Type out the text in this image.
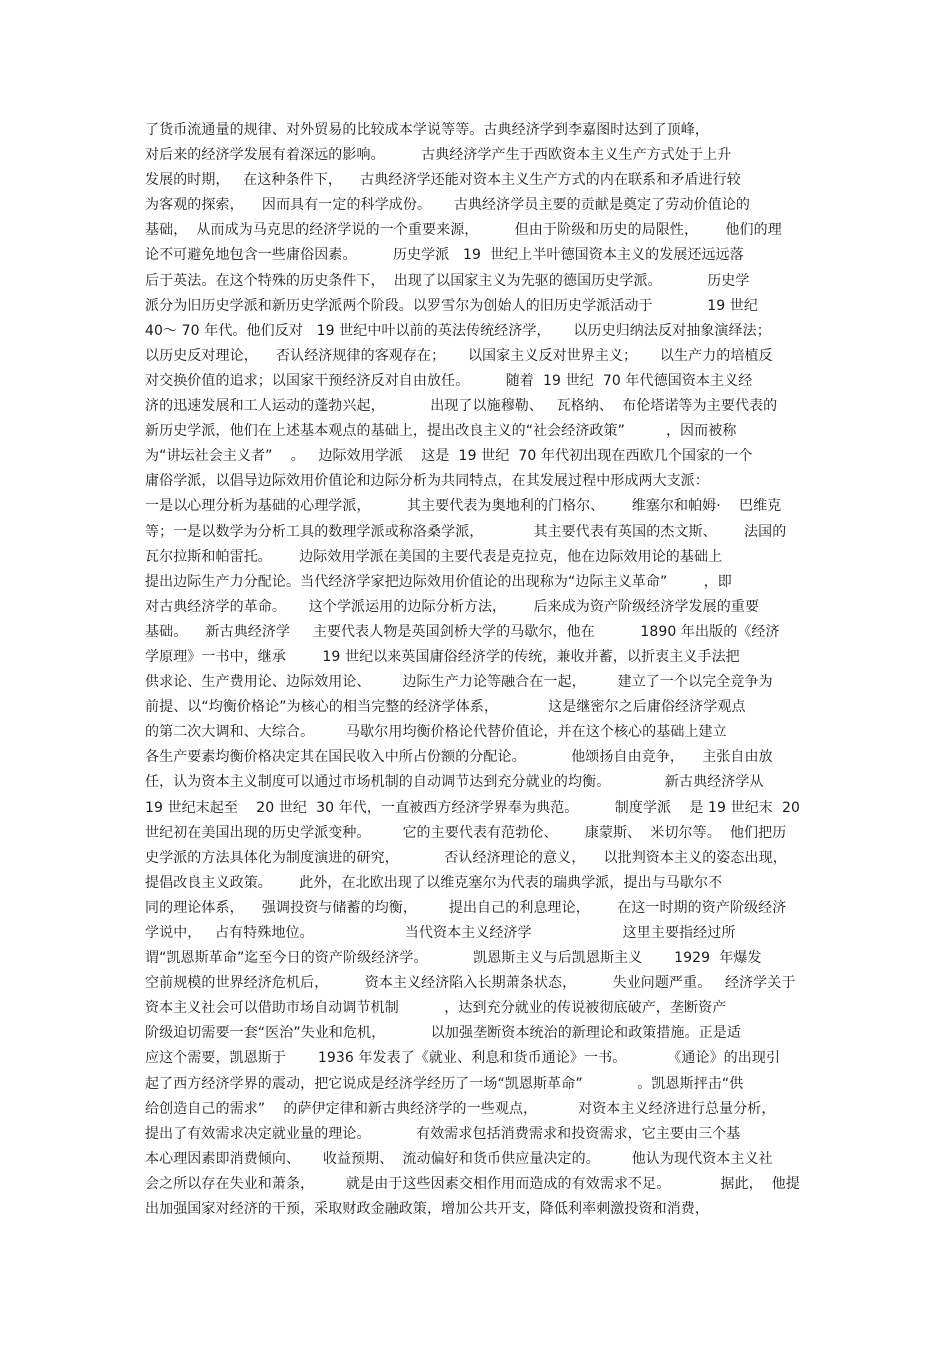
了货币流通量的规律、对外贸易的比较成本学说等等。古典经济学到李嘉图时达到了顶峰，
对后来的经济学发展有着深远的影响。        古典经济学产生于西欧资本主义生产方式处于上升
发展的时期，   在这种条件下，    古典经济学还能对资本主义生产方式的内在联系和矛盾进行较
为客观的探索，    因而具有一定的科学成份。     古典经济学员主要的贡献是奠定了劳动价值论的
基础，  从而成为马克思的经济学说的一个重要来源，        但由于阶级和历史的局限性，      他们的理
论不可避免地包含一些庸俗因素。        历史学派   19  世纪上半叶德国资本主义的发展还远远落
后于英法。在这个特殊的历史条件下，  出现了以国家主义为先驱的德国历史学派。          历史学
派分为旧历史学派和新历史学派两个阶段。以罗雪尔为创始人的旧历史学派活动于            19 世纪
40～ 70 年代。他们反对   19 世纪中叶以前的英法传统经济学，     以历史归纳法反对抽象演绎法；
以历史反对理论，    否认经济规律的客观存在；     以国家主义反对世界主义；     以生产力的培植反
对交换价值的追求；以国家干预经济反对自由放任。        随着  19 世纪  70 年代德国资本主义经
济的迅速发展和工人运动的蓬勃兴起，          出现了以施穆勒、   瓦格纳、  布伦塔诺等为主要代表的
新历史学派，他们在上述基本观点的基础上，提出改良主义的“社会经济政策”         ，因而被称
为“讲坛社会主义者”    。   边际效用学派    这是  19 世纪  70 年代初出现在西欧几个国家的一个
庸俗学派，以倡导边际效用价值论和边际分析为共同特点，在其发展过程中形成两大支派：
一是以心理分析为基础的心理学派，        其主要代表为奥地利的门格尔、      维塞尔和帕姆·    巴维克
等；一是以数学为分析工具的数理学派或称洛桑学派，           其主要代表有英国的杰文斯、      法国的
瓦尔拉斯和帕雷托。      边际效用学派在美国的主要代表是克拉克，他在边际效用论的基础上
提出边际生产力分配论。当代经济学家把边际效用价值论的出现称为“边际主义革命”        ，即
对古典经济学的革命。     这个学派运用的边际分析方法，      后来成为资产阶级经济学发展的重要
基础。    新古典经济学     主要代表人物是英国剑桥大学的马歇尔，他在          1890 年出版的《经济
学原理》一书中，继承        19 世纪以来英国庸俗经济学的传统，兼收并蓄，以折衷主义手法把
供求论、生产费用论、边际效用论、       边际生产力论等融合在一起，       建立了一个以完全竞争为
前提、以“均衡价格论”为核心的相当完整的经济学体系，           这是继密尔之后庸俗经济学观点
的第二次大调和、大综合。       马歇尔用均衡价格论代替价值论，并在这个核心的基础上建立
各生产要素均衡价格决定其在国民收入中所占份额的分配论。          他颂扬自由竞争，    主张自由放
任，认为资本主义制度可以通过市场机制的自动调节达到充分就业的均衡。            新古典经济学从
19 世纪末起至    20 世纪  30 年代，一直被西方经济学界奉为典范。        制度学派    是 19 世纪末  20
世纪初在美国出现的历史学派变种。       它的主要代表有范勃伦、      康蒙斯、  米切尔等。  他们把历
史学派的方法具体化为制度演进的研究，          否认经济理论的意义，    以批判资本主义的姿态出现，
提倡改良主义政策。      此外，在北欧出现了以维克塞尔为代表的瑞典学派，提出与马歇尔不
同的理论体系，    强调投资与储蓄的均衡，       提出自己的利息理论，      在这一时期的资产阶级经济
学说中，   占有特殊地位。                    当代资本主义经济学                    这里主要指经过所
谓“凯恩斯革命”迄至今日的资产阶级经济学。          凯恩斯主义与后凯恩斯主义       1929  年爆发
空前规模的世界经济危机后，        资本主义经济陷入长期萧条状态，        失业问题严重。   经济学关于
资本主义社会可以借助市场自动调节机制          ，达到充分就业的传说被彻底破产，垄断资产
阶级迫切需要一套“医治”失业和危机，          以加强垄断资本统治的新理论和政策措施。正是适
应这个需要，凯恩斯于       1936 年发表了《就业、利息和货币通论》一书。         《通论》的出现引
起了西方经济学界的震动，把它说成是经济学经历了一场“凯恩斯革命”            。凯恩斯抨击“供
给创造自己的需求”    的萨伊定律和新古典经济学的一些观点，         对资本主义经济进行总量分析，
提出了有效需求决定就业量的理论。          有效需求包括消费需求和投资需求，它主要由三个基
本心理因素即消费倾向、     收益预期、  流动偏好和货币供应量决定的。       他认为现代资本主义社
会之所以存在失业和萧条，       就是由于这些因素交相作用而造成的有效需求不足。           据此，  他提
出加强国家对经济的干预，采取财政金融政策，增加公共开支，降低利率刺激投资和消费，
